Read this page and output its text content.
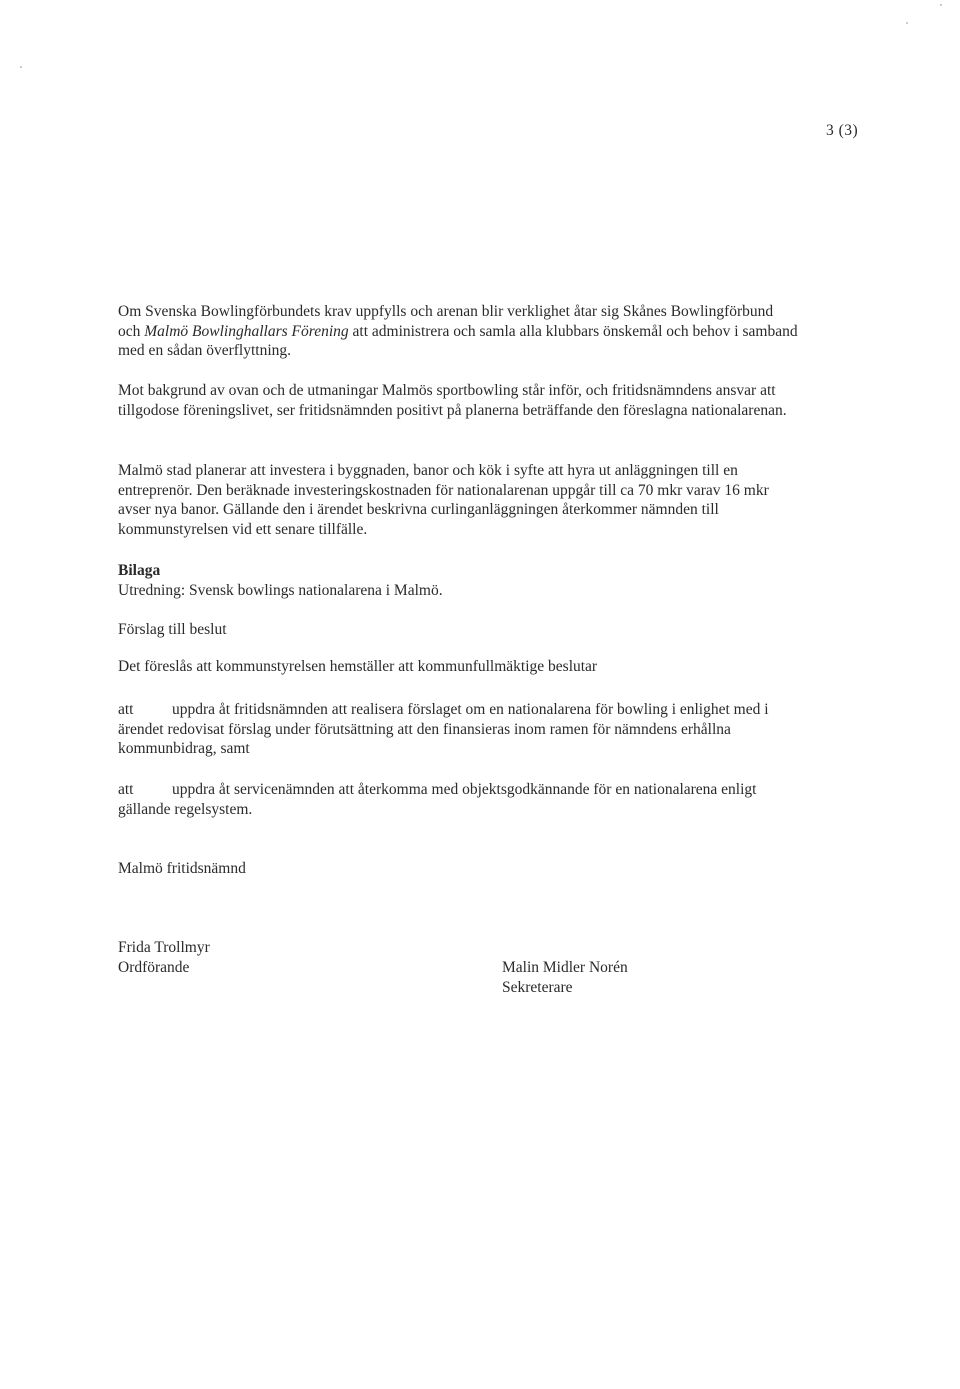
3 (3)

Om Svenska Bowlingförbundets krav uppfylls och arenan blir verklighet åtar sig Skånes Bowlingförbund och Malmö Bowlinghallars Förening att administrera och samla alla klubbars önskemål och behov i samband med en sådan överflyttning.

Mot bakgrund av ovan och de utmaningar Malmös sportbowling står inför, och fritidsnämndens ansvar att tillgodose föreningslivet, ser fritidsnämnden positivt på planerna beträffande den föreslagna nationalarenan.

Malmö stad planerar att investera i byggnaden, banor och kök i syfte att hyra ut anläggningen till en entreprenör. Den beräknade investeringskostnaden för nationalarenan uppgår till ca 70 mkr varav 16 mkr avser nya banor. Gällande den i ärendet beskrivna curlinganläggningen återkommer nämnden till kommunstyrelsen vid ett senare tillfälle.

Bilaga
Utredning: Svensk bowlings nationalarena i Malmö.
Förslag till beslut
Det föreslås att kommunstyrelsen hemställer att kommunfullmäktige beslutar
att uppdra åt fritidsnämnden att realisera förslaget om en nationalarena för bowling i enlighet med i ärendet redovisat förslag under förutsättning att den finansieras inom ramen för nämndens erhållna kommunbidrag, samt
att uppdra åt servicenämnden att återkomma med objektsgodkännande för en nationalarena enligt gällande regelsystem.
Malmö fritidsnämnd
Frida Trollmyr
Ordförande	Malin Midler Norén
Sekreterare
